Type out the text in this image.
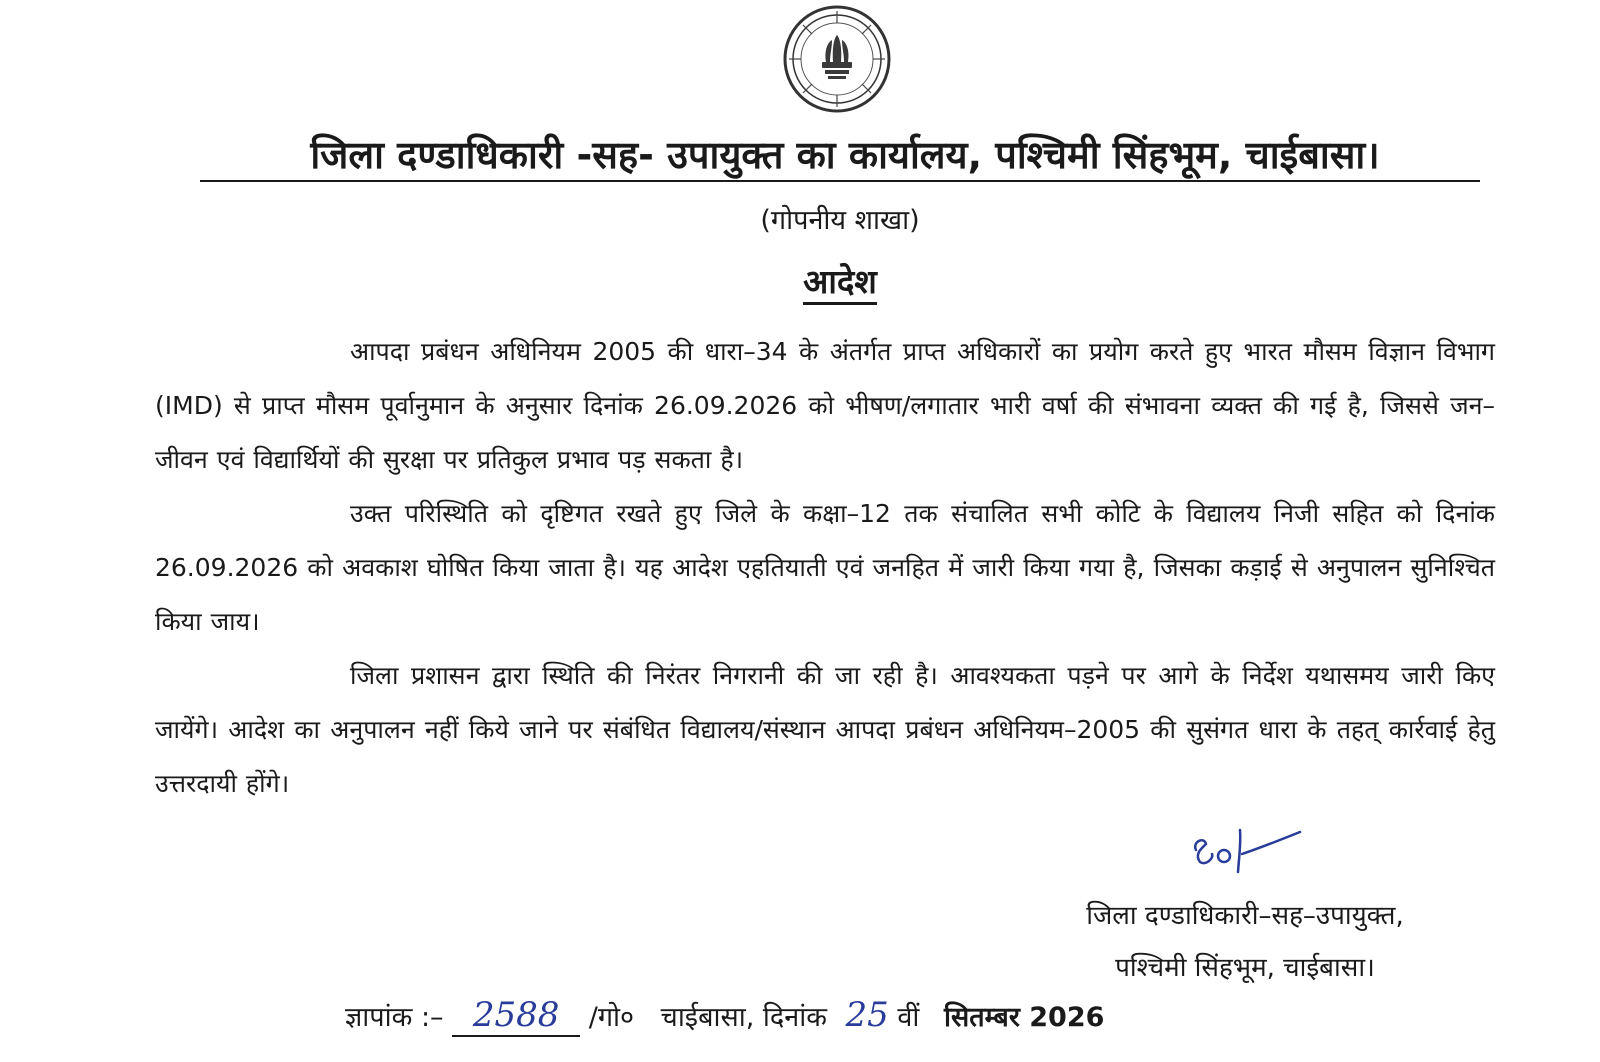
जिला दण्डाधिकारी -सह- उपायुक्त का कार्यालय, पश्चिमी सिंहभूम, चाईबासा।
(गोपनीय शाखा)
आदेश

आपदा प्रबंधन अधिनियम 2005 की धारा–34 के अंतर्गत प्राप्त अधिकारों का प्रयोग करते हुए भारत मौसम विज्ञान विभाग (IMD) से प्राप्त मौसम पूर्वानुमान के अनुसार दिनांक 26.09.2026 को भीषण/लगातार भारी वर्षा की संभावना व्यक्त की गई है, जिससे जन–जीवन एवं विद्यार्थियों की सुरक्षा पर प्रतिकुल प्रभाव पड़ सकता है।

उक्त परिस्थिति को दृष्टिगत रखते हुए जिले के कक्षा–12 तक संचालित सभी कोटि के विद्यालय निजी सहित को दिनांक 26.09.2026 को अवकाश घोषित किया जाता है। यह आदेश एहतियाती एवं जनहित में जारी किया गया है, जिसका कड़ाई से अनुपालन सुनिश्चित किया जाय।

जिला प्रशासन द्वारा स्थिति की निरंतर निगरानी की जा रही है। आवश्यकता पड़ने पर आगे के निर्देश यथासमय जारी किए जायेंगे। आदेश का अनुपालन नहीं किये जाने पर संबंधित विद्यालय/संस्थान आपदा प्रबंधन अधिनियम–2005 की सुसंगत धारा के तहत् कार्रवाई हेतु उत्तरदायी होंगे।

जिला दण्डाधिकारी–सह–उपायुक्त,
पश्चिमी सिंहभूम, चाईबासा।
ज्ञापांक :– 2588 /गो० चाईबासा, दिनांक 25 वीं सितम्बर 2026
